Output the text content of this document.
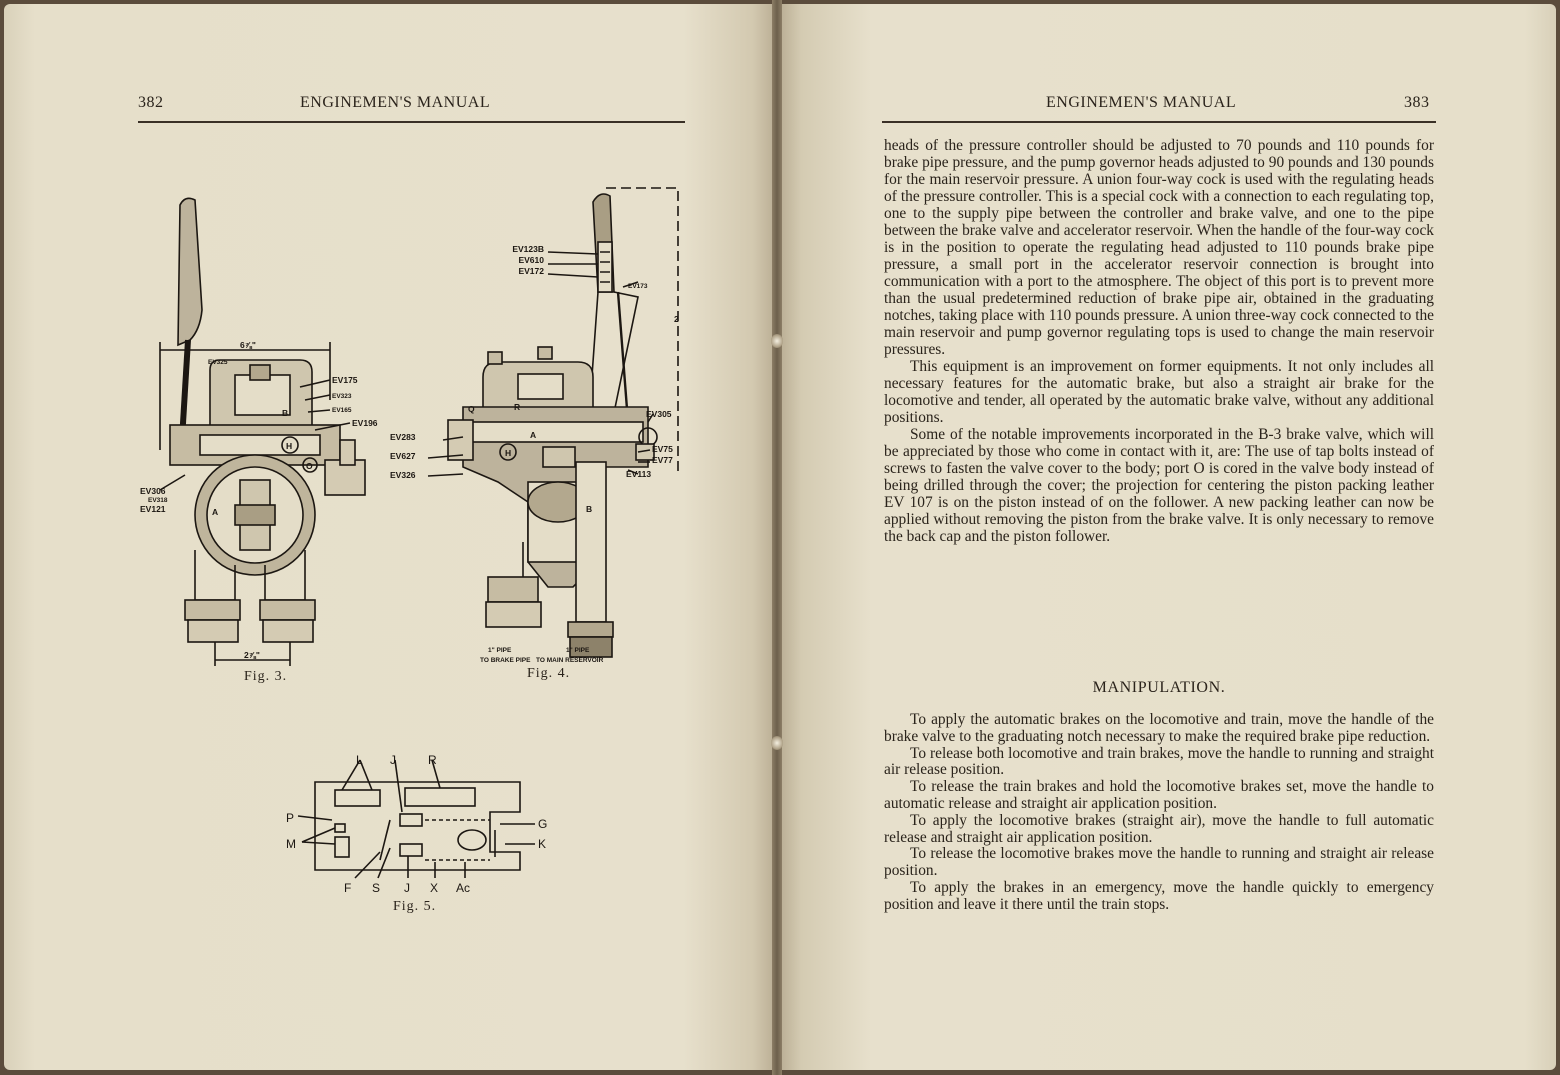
382	ENGINEMEN'S MANUAL	ENGINEMEN'S MANUAL	383
6⅞"
EV325
EV175
EV323
EV165
EV196
EV306
EV318
EV121	A
B
H
O
2⅞"
Fig. 3.
EV123B
EV610
EV172
EV173
EV305
EV283
EV627
EV326
EV75
EV77
EV113
Q	R
A
H
B
2
1" PIPE
TO BRAKE PIPE
1" PIPE
TO MAIN RESERVOIR
Fig. 4.
L J	R
P
M
G
K
F S J X Ac
Fig. 5.

heads of the pressure controller should be adjusted to 70 pounds and 110 pounds for brake pipe pressure, and the pump governor heads adjusted to 90 pounds and 130 pounds for the main reservoir pressure. A union four-way cock is used with the regulating heads of the pressure controller. This is a special cock with a connection to each regulating top, one to the supply pipe between the controller and brake valve, and one to the pipe between the brake valve and accelerator reservoir. When the handle of the four-way cock is in the position to operate the regulating head adjusted to 110 pounds brake pipe pressure, a small port in the accelerator reservoir connection is brought into communication with a port to the atmosphere. The object of this port is to prevent more than the usual predetermined reduction of brake pipe air, obtained in the graduating notches, taking place with 110 pounds pressure. A union three-way cock connected to the main reservoir and pump governor regulating tops is used to change the main reservoir pressures.

This equipment is an improvement on former equipments. It not only includes all necessary features for the automatic brake, but also a straight air brake for the locomotive and tender, all operated by the automatic brake valve, without any additional positions.

Some of the notable improvements incorporated in the B-3 brake valve, which will be appreciated by those who come in contact with it, are: The use of tap bolts instead of screws to fasten the valve cover to the body; port O is cored in the valve body instead of being drilled through the cover; the projection for centering the piston packing leather EV 107 is on the piston instead of on the follower. A new packing leather can now be applied without removing the piston from the brake valve. It is only necessary to remove the back cap and the piston follower.

MANIPULATION.

To apply the automatic brakes on the locomotive and train, move the handle of the brake valve to the graduating notch necessary to make the required brake pipe reduction.

To release both locomotive and train brakes, move the handle to running and straight air release position.

To release the train brakes and hold the locomotive brakes set, move the handle to automatic release and straight air application position.

To apply the locomotive brakes (straight air), move the handle to full automatic release and straight air application position.

To release the locomotive brakes move the handle to running and straight air release position.

To apply the brakes in an emergency, move the handle quickly to emergency position and leave it there until the train stops.
